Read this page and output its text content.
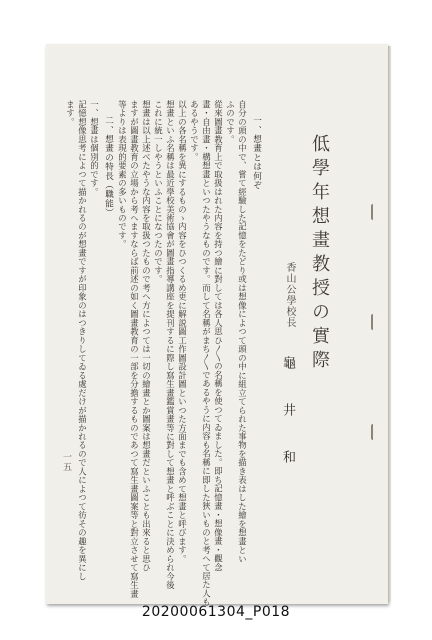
低學年想畫教授の實際
香山公學校長
龜井和
一、想畫とは何ぞ
自分の頭の中で、嘗て經驗した記憶をたどり或は想像によつて頭の中に組立てられた事物を描き表はした繪を想畫とい
ふのです。
從來圖畫教育上で取扱はれた内容を持つ繪に對しては各人思ひ〳〵の名稱を使つてゐました。即ち記憶畫・想像畫・觀念
畫・自由畫・構想畫といつたやうなものです。而して名稱がまち〳〵であるやうに内容も名稱に即した狹いものと考へて居た人も
あるやうです。
以上の各名稱を異にするものゝ内容をひつくるめ更に解説圖工作圖設計圖といつた方面までも含めて想畫と呼びます。
想畫といふ名稱は最近學校美術協會が圖畫指導講座を提刊するに際し寫生畫鑑賞畫等に對して想畫と呼ぶことに決められ今後
これに統一しやうといふことになつたのです。
想畫は以上述べたやうな内容を取扱つたもので考へ方によつては一切の繪畫とか圖案は想畫だといふことも出來ると思ひ
ますが圖畫教育の立場から考へますならば前述の如く圖畫教育の一部を分擔するものであつて寫生畫圖案等と對立させて寫生畫
等よりは表現的要素の多いものです。
二、想畫の特長（職能）
一、想畫は個別的です。
記憶想像思考によつて描かれるのが想畫ですが印象のはつきりしてゐる處だけが描かれるので人によつて彷その趣を異にし
ます。
一五
20200061304_P018
